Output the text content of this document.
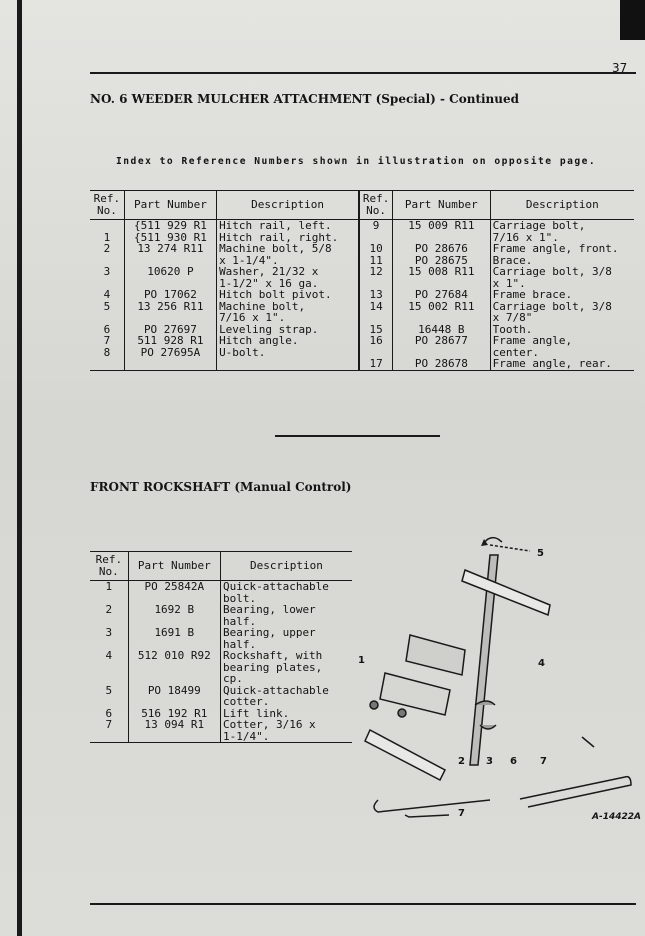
37
NO. 6 WEEDER MULCHER ATTACHMENT (Special) - Continued
Index to Reference Numbers shown in illustration on opposite page.
Ref. No.	Part Number	Description	Ref. No.	Part Number	Description
	{511 929 R1	Hitch rail, left.	9	15 009 R11	Carriage bolt,
1	{511 930 R1	Hitch rail, right.			7/16 x 1".
2	13 274 R11	Machine bolt, 5/8	10	PO 28676	Frame angle, front.
		x 1-1/4".	11	PO 28675	Brace.
3	10620 P	Washer, 21/32 x	12	15 008 R11	Carriage bolt, 3/8
		1-1/2" x 16 ga.			x 1".
4	PO 17062	Hitch bolt pivot.	13	PO 27684	Frame brace.
5	13 256 R11	Machine bolt,	14	15 002 R11	Carriage bolt, 3/8
		7/16 x 1".			x 7/8"
6	PO 27697	Leveling strap.	15	16448 B	Tooth.
7	511 928 R1	Hitch angle.	16	PO 28677	Frame angle,
8	PO 27695A	U-bolt.			center.

			17	PO 28678	Frame angle, rear.
FRONT ROCKSHAFT (Manual Control)
Ref. No.	Part Number	Description
1	PO 25842A	Quick-attachable
		bolt.
2	1692 B	Bearing, lower
		half.
3	1691 B	Bearing, upper
		half.
4	512 010 R92	Rockshaft, with
		bearing plates,
		cp.
5	PO 18499	Quick-attachable
		cotter.
6	516 192 R1	Lift link.
7	13 094 R1	Cotter, 3/16 x
		1-1/4".
5
4
1
2 3 6 7
7	A-14422A
